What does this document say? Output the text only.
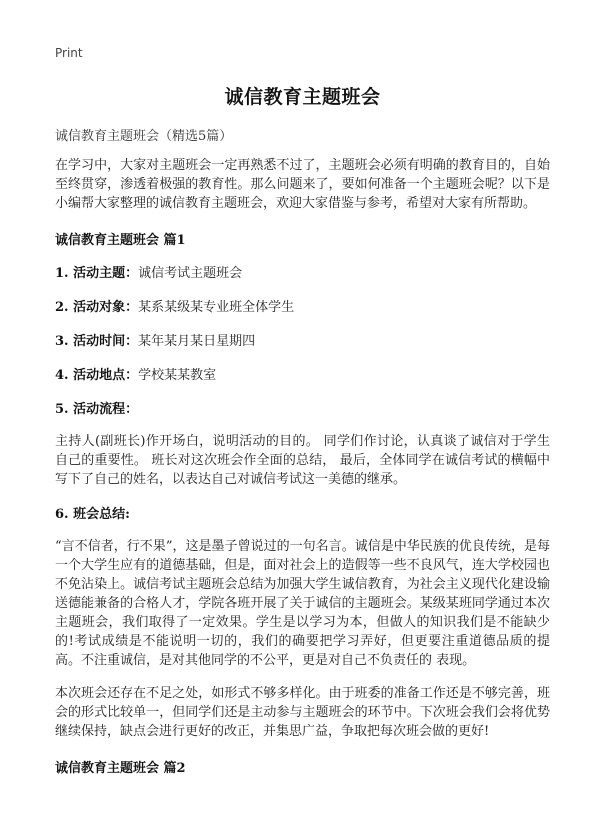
Print
诚信教育主题班会
诚信教育主题班会（精选5篇）

在学习中，大家对主题班会一定再熟悉不过了，主题班会必须有明确的教育目的，自始至终贯穿，渗透着极强的教育性。那么问题来了，要如何准备一个主题班会呢？以下是小编帮大家整理的诚信教育主题班会，欢迎大家借鉴与参考，希望对大家有所帮助。

诚信教育主题班会 篇1
1. 活动主题：诚信考试主题班会
2. 活动对象：某系某级某专业班全体学生
3. 活动时间：某年某月某日星期四
4. 活动地点：学校某某教室
5. 活动流程：

主持人(副班长)作开场白，说明活动的目的。 同学们作讨论，认真谈了诚信对于学生自己的重要性。 班长对这次班会作全面的总结， 最后，全体同学在诚信考试的横幅中写下了自己的姓名，以表达自己对诚信考试这一美德的继承。

6. 班会总结:

“言不信者，行不果”，这是墨子曾说过的一句名言。诚信是中华民族的优良传统，是每一个大学生应有的道德基础，但是，面对社会上的造假等一些不良风气，连大学校园也不免沾染上。诚信考试主题班会总结为加强大学生诚信教育，为社会主义现代化建设输送德能兼备的合格人才，学院各班开展了关于诚信的主题班会。某级某班同学通过本次主题班会，我们取得了一定效果。学生是以学习为本，但做人的知识我们是不能缺少的!考试成绩是不能说明一切的，我们的确要把学习弄好，但更要注重道德品质的提高。不注重诚信，是对其他同学的不公平，更是对自己不负责任的 表现。

本次班会还存在不足之处，如形式不够多样化。由于班委的准备工作还是不够完善，班会的形式比较单一，但同学们还是主动参与主题班会的环节中。下次班会我们会将优势继续保持，缺点会进行更好的改正，并集思广益，争取把每次班会做的更好!

诚信教育主题班会 篇2
